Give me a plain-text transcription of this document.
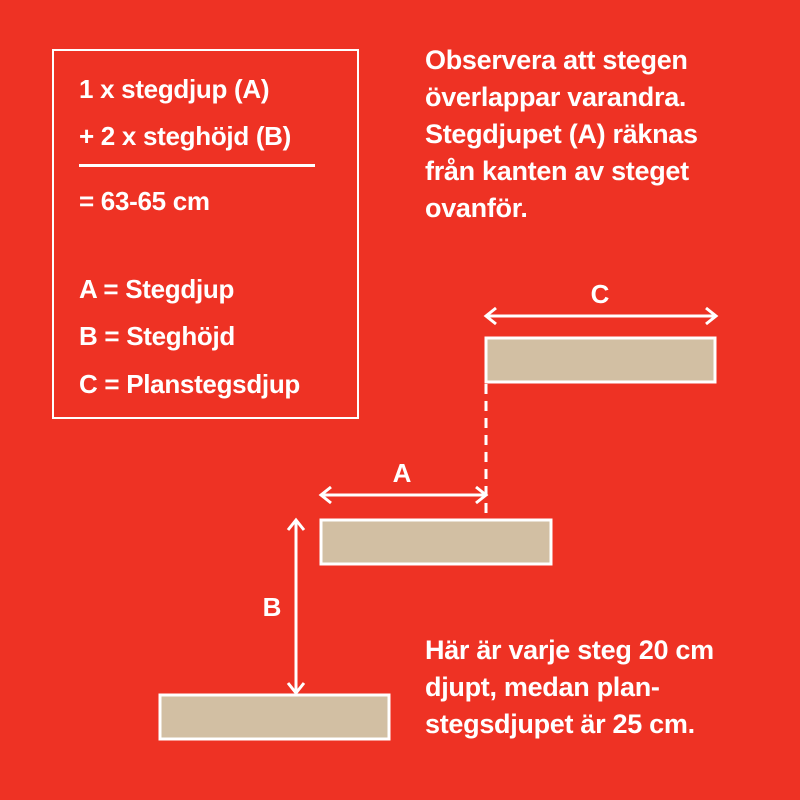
1 x stegdjup (A)
+ 2 x steghöjd (B)
= 63-65 cm
A = Stegdjup
B = Steghöjd
C = Planstegsdjup
Observera att stegen
överlappar varandra.
Stegdjupet (A) räknas
från kanten av steget
ovanför.
Här är varje steg 20 cm
djupt, medan plan-
stegsdjupet är 25 cm.
C
A
B
